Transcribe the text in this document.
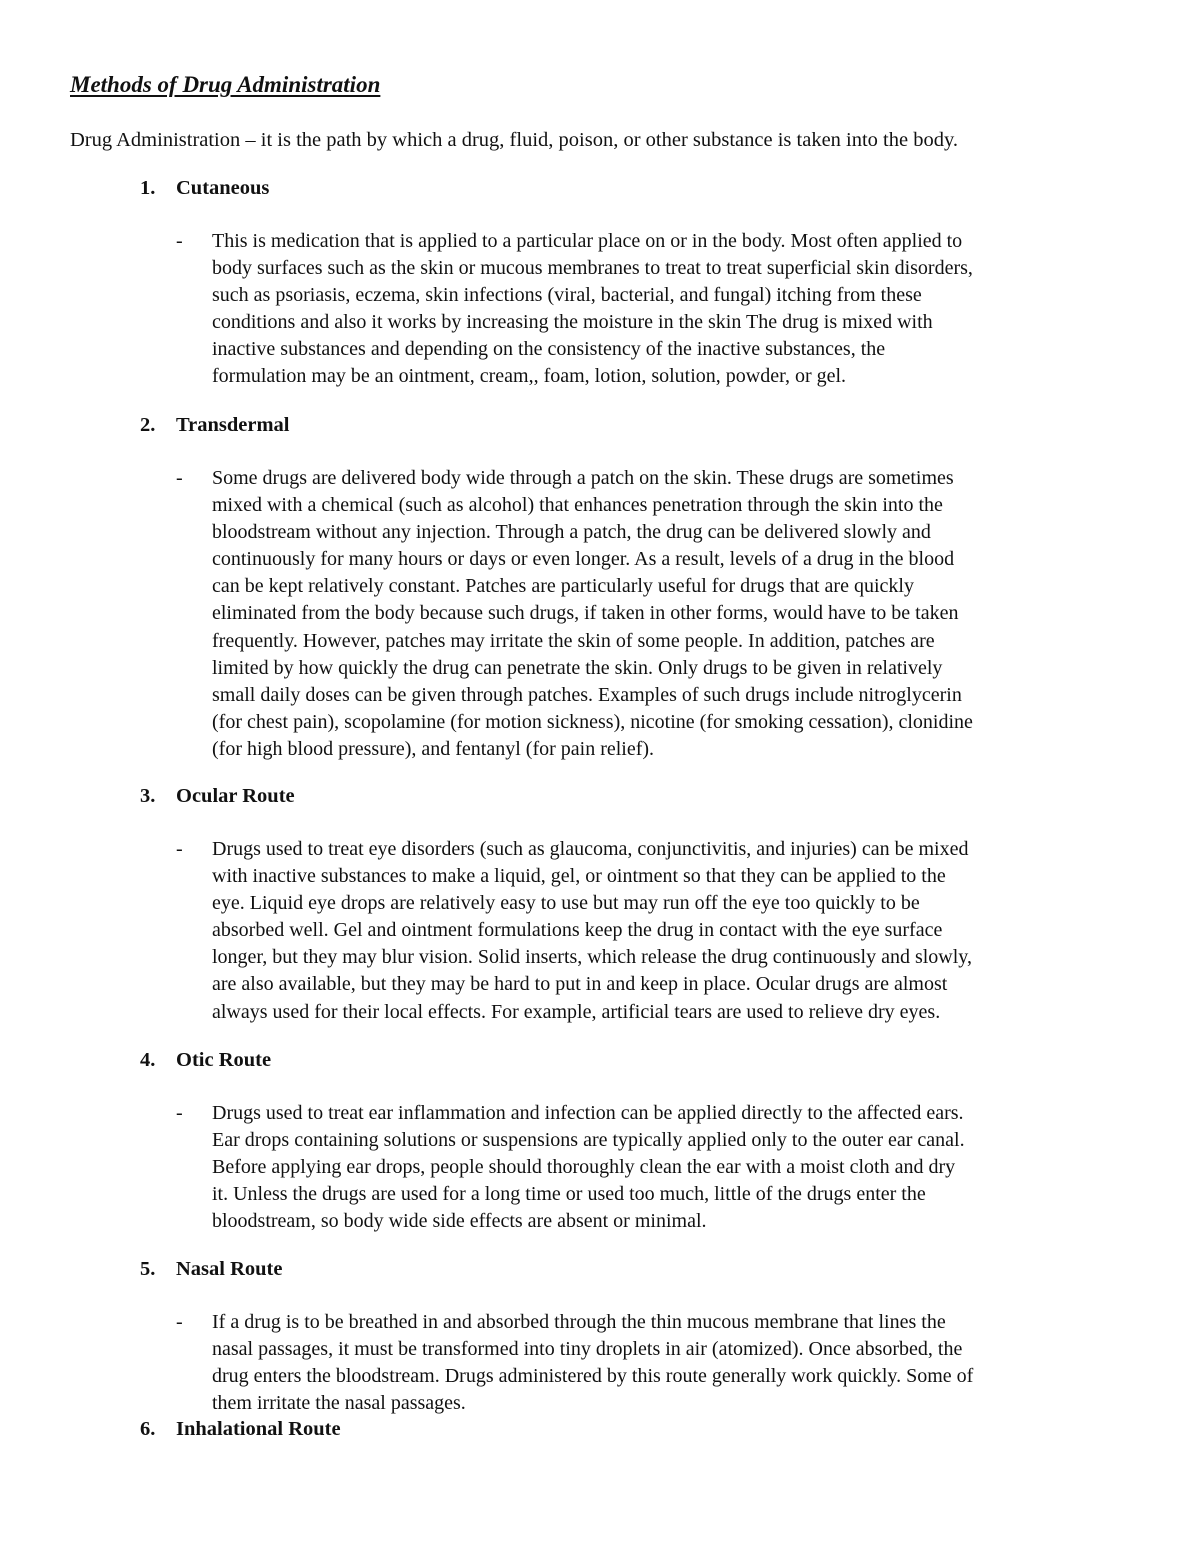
Methods of Drug Administration
Drug Administration – it is the path by which a drug, fluid, poison, or other substance is taken into the body.
1. Cutaneous
- This is medication that is applied to a particular place on or in the body. Most often applied to
body surfaces such as the skin or mucous membranes to treat to treat superficial skin disorders,
such as psoriasis, eczema, skin infections (viral, bacterial, and fungal) itching from these
conditions and also it works by increasing the moisture in the skin The drug is mixed with
inactive substances and depending on the consistency of the inactive substances, the
formulation may be an ointment, cream,, foam, lotion, solution, powder, or gel.
2. Transdermal
- Some drugs are delivered body wide through a patch on the skin. These drugs are sometimes
mixed with a chemical (such as alcohol) that enhances penetration through the skin into the
bloodstream without any injection. Through a patch, the drug can be delivered slowly and
continuously for many hours or days or even longer. As a result, levels of a drug in the blood
can be kept relatively constant. Patches are particularly useful for drugs that are quickly
eliminated from the body because such drugs, if taken in other forms, would have to be taken
frequently. However, patches may irritate the skin of some people. In addition, patches are
limited by how quickly the drug can penetrate the skin. Only drugs to be given in relatively
small daily doses can be given through patches. Examples of such drugs include nitroglycerin
(for chest pain), scopolamine (for motion sickness), nicotine (for smoking cessation), clonidine
(for high blood pressure), and fentanyl (for pain relief).
3. Ocular Route
- Drugs used to treat eye disorders (such as glaucoma, conjunctivitis, and injuries) can be mixed
with inactive substances to make a liquid, gel, or ointment so that they can be applied to the
eye. Liquid eye drops are relatively easy to use but may run off the eye too quickly to be
absorbed well. Gel and ointment formulations keep the drug in contact with the eye surface
longer, but they may blur vision. Solid inserts, which release the drug continuously and slowly,
are also available, but they may be hard to put in and keep in place. Ocular drugs are almost
always used for their local effects. For example, artificial tears are used to relieve dry eyes.
4. Otic Route
- Drugs used to treat ear inflammation and infection can be applied directly to the affected ears.
Ear drops containing solutions or suspensions are typically applied only to the outer ear canal.
Before applying ear drops, people should thoroughly clean the ear with a moist cloth and dry
it. Unless the drugs are used for a long time or used too much, little of the drugs enter the
bloodstream, so body wide side effects are absent or minimal.
5. Nasal Route
- If a drug is to be breathed in and absorbed through the thin mucous membrane that lines the
nasal passages, it must be transformed into tiny droplets in air (atomized). Once absorbed, the
drug enters the bloodstream. Drugs administered by this route generally work quickly. Some of
them irritate the nasal passages.
6. Inhalational Route
